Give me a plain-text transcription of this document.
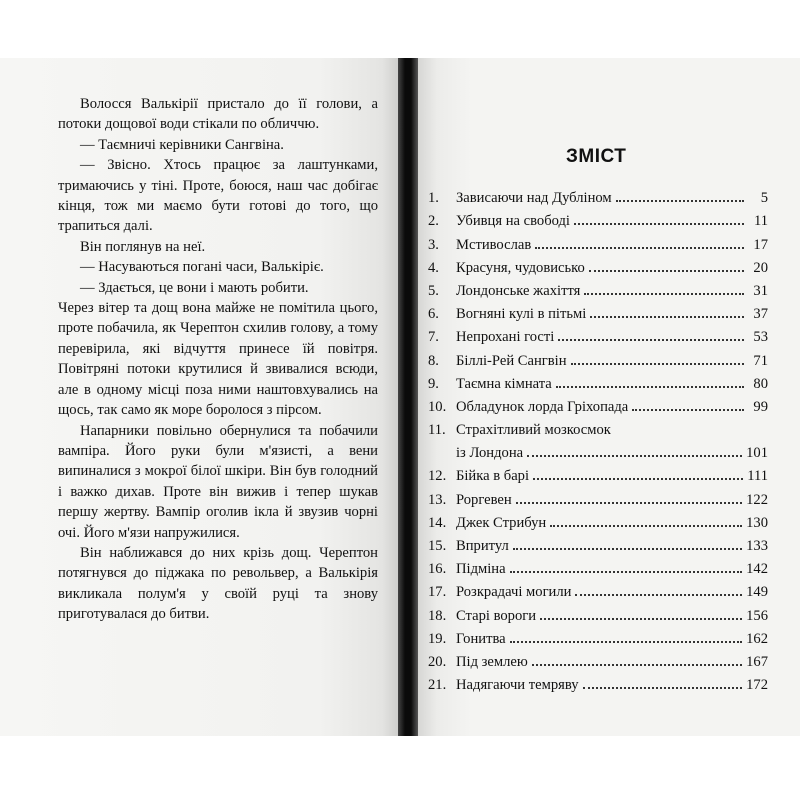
Волосся Валькірії пристало до її голови, а потоки дощової води стікали по обличчю.

— Таємничі керівники Сангвіна.

— Звісно. Хтось працює за лаштунками, тримаючись у тіні. Проте, боюся, наш час добігає кінця, тож ми маємо бути готові до того, що трапиться далі.

Він поглянув на неї.

— Насуваються погані часи, Валькіріє.

— Здається, це вони і мають робити.

Через вітер та дощ вона майже не помітила цього, проте побачила, як Черептон схилив голову, а тому перевірила, які відчуття принесе їй повітря. Повітряні потоки крутилися й звивалися всюди, але в одному місці поза ними наштовхувались на щось, так само як море боролося з пірсом.

Напарники повільно обернулися та побачили вампіра. Його руки були м'язисті, а вени випиналися з мокрої білої шкіри. Він був голодний і важко дихав. Проте він вижив і тепер шукав першу жертву. Вампір оголив ікла й звузив чорні очі. Його м'язи напружилися.

Він наближався до них крізь дощ. Черептон потягнувся до піджака по револьвер, а Валькірія викликала полум'я у своїй руці та знову приготувалася до битви.

ЗМІСТ
1.	Зависаючи над Дубліном	5
2.	Убивця на свободі	11
3.	Мстивослав	17
4.	Красуня, чудовисько	20
5.	Лондонське жахіття	31
6.	Вогняні кулі в пітьмі	37
7.	Непрохані гості	53
8.	Біллі-Рей Сангвін	71
9.	Таємна кімната	80
10. Обладунок лорда Гріхопада	99
11. Страхітливий мозкосмок
із Лондона	101
12. Бійка в барі	111
13. Роргевен	122
14. Джек Стрибун	130
15. Впритул	133
16. Підміна	142
17. Розкрадачі могили	149
18. Старі вороги	156
19. Гонитва	162
20. Під землею	167
21. Надягаючи темряву	172
